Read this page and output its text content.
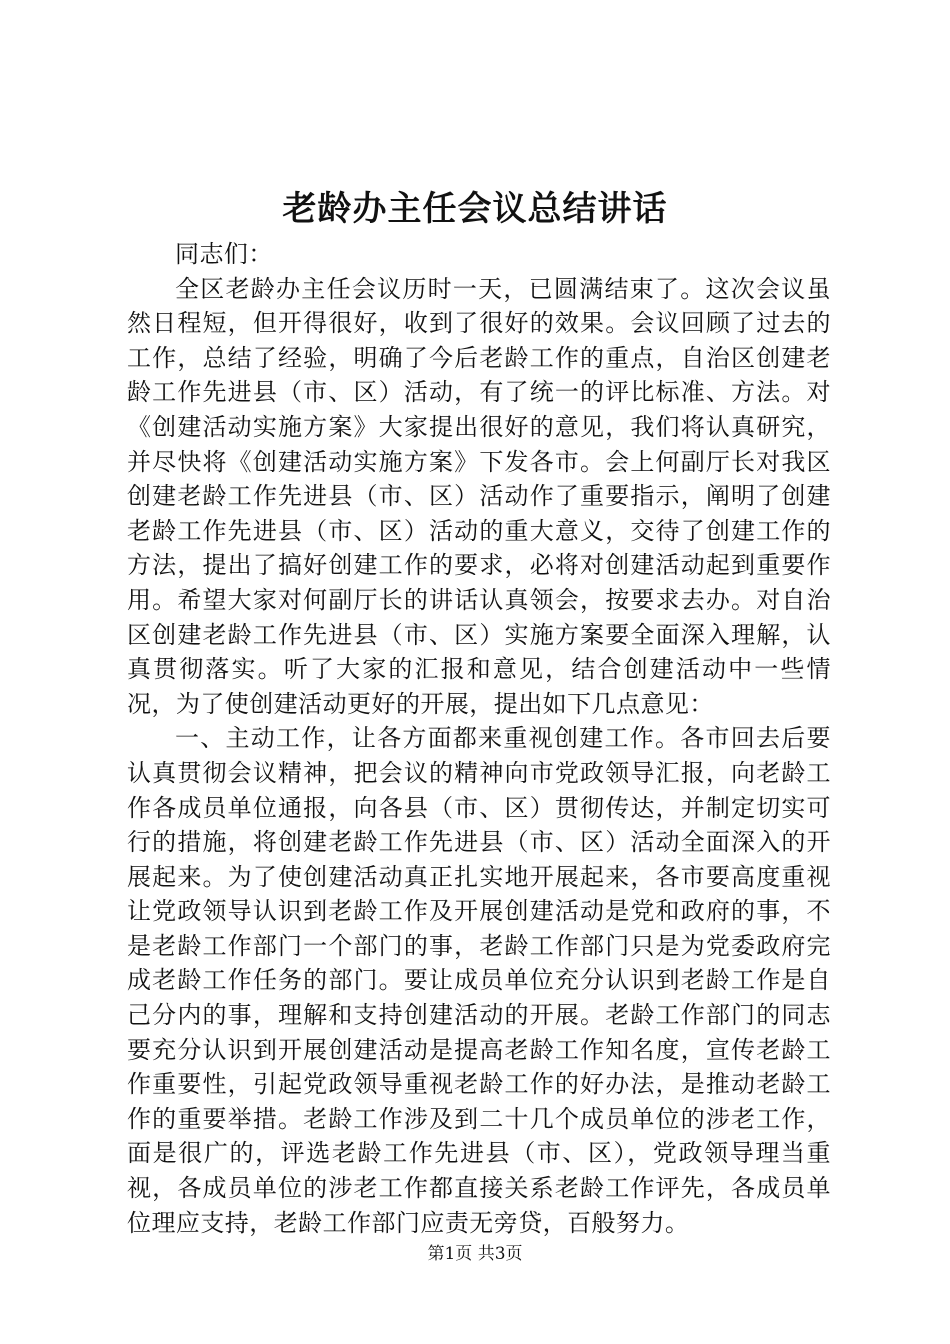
老龄办主任会议总结讲话

同志们：

全区老龄办主任会议历时一天，已圆满结束了。这次会议虽然日程短，但开得很好，收到了很好的效果。会议回顾了过去的工作，总结了经验，明确了今后老龄工作的重点，自治区创建老龄工作先进县（市、区）活动，有了统一的评比标准、方法。对《创建活动实施方案》大家提出很好的意见，我们将认真研究，并尽快将《创建活动实施方案》下发各市。会上何副厅长对我区创建老龄工作先进县（市、区）活动作了重要指示，阐明了创建老龄工作先进县（市、区）活动的重大意义，交待了创建工作的方法，提出了搞好创建工作的要求，必将对创建活动起到重要作用。希望大家对何副厅长的讲话认真领会，按要求去办。对自治区创建老龄工作先进县（市、区）实施方案要全面深入理解，认真贯彻落实。听了大家的汇报和意见，结合创建活动中一些情况，为了使创建活动更好的开展，提出如下几点意见：

一、主动工作，让各方面都来重视创建工作。各市回去后要认真贯彻会议精神，把会议的精神向市党政领导汇报，向老龄工作各成员单位通报，向各县（市、区）贯彻传达，并制定切实可行的措施，将创建老龄工作先进县（市、区）活动全面深入的开展起来。为了使创建活动真正扎实地开展起来，各市要高度重视让党政领导认识到老龄工作及开展创建活动是党和政府的事，不是老龄工作部门一个部门的事，老龄工作部门只是为党委政府完成老龄工作任务的部门。要让成员单位充分认识到老龄工作是自己分内的事，理解和支持创建活动的开展。老龄工作部门的同志要充分认识到开展创建活动是提高老龄工作知名度，宣传老龄工作重要性，引起党政领导重视老龄工作的好办法，是推动老龄工作的重要举措。老龄工作涉及到二十几个成员单位的涉老工作，面是很广的，评选老龄工作先进县（市、区），党政领导理当重视，各成员单位的涉老工作都直接关系老龄工作评先，各成员单位理应支持，老龄工作部门应责无旁贷，百般努力。

第1页 共3页
